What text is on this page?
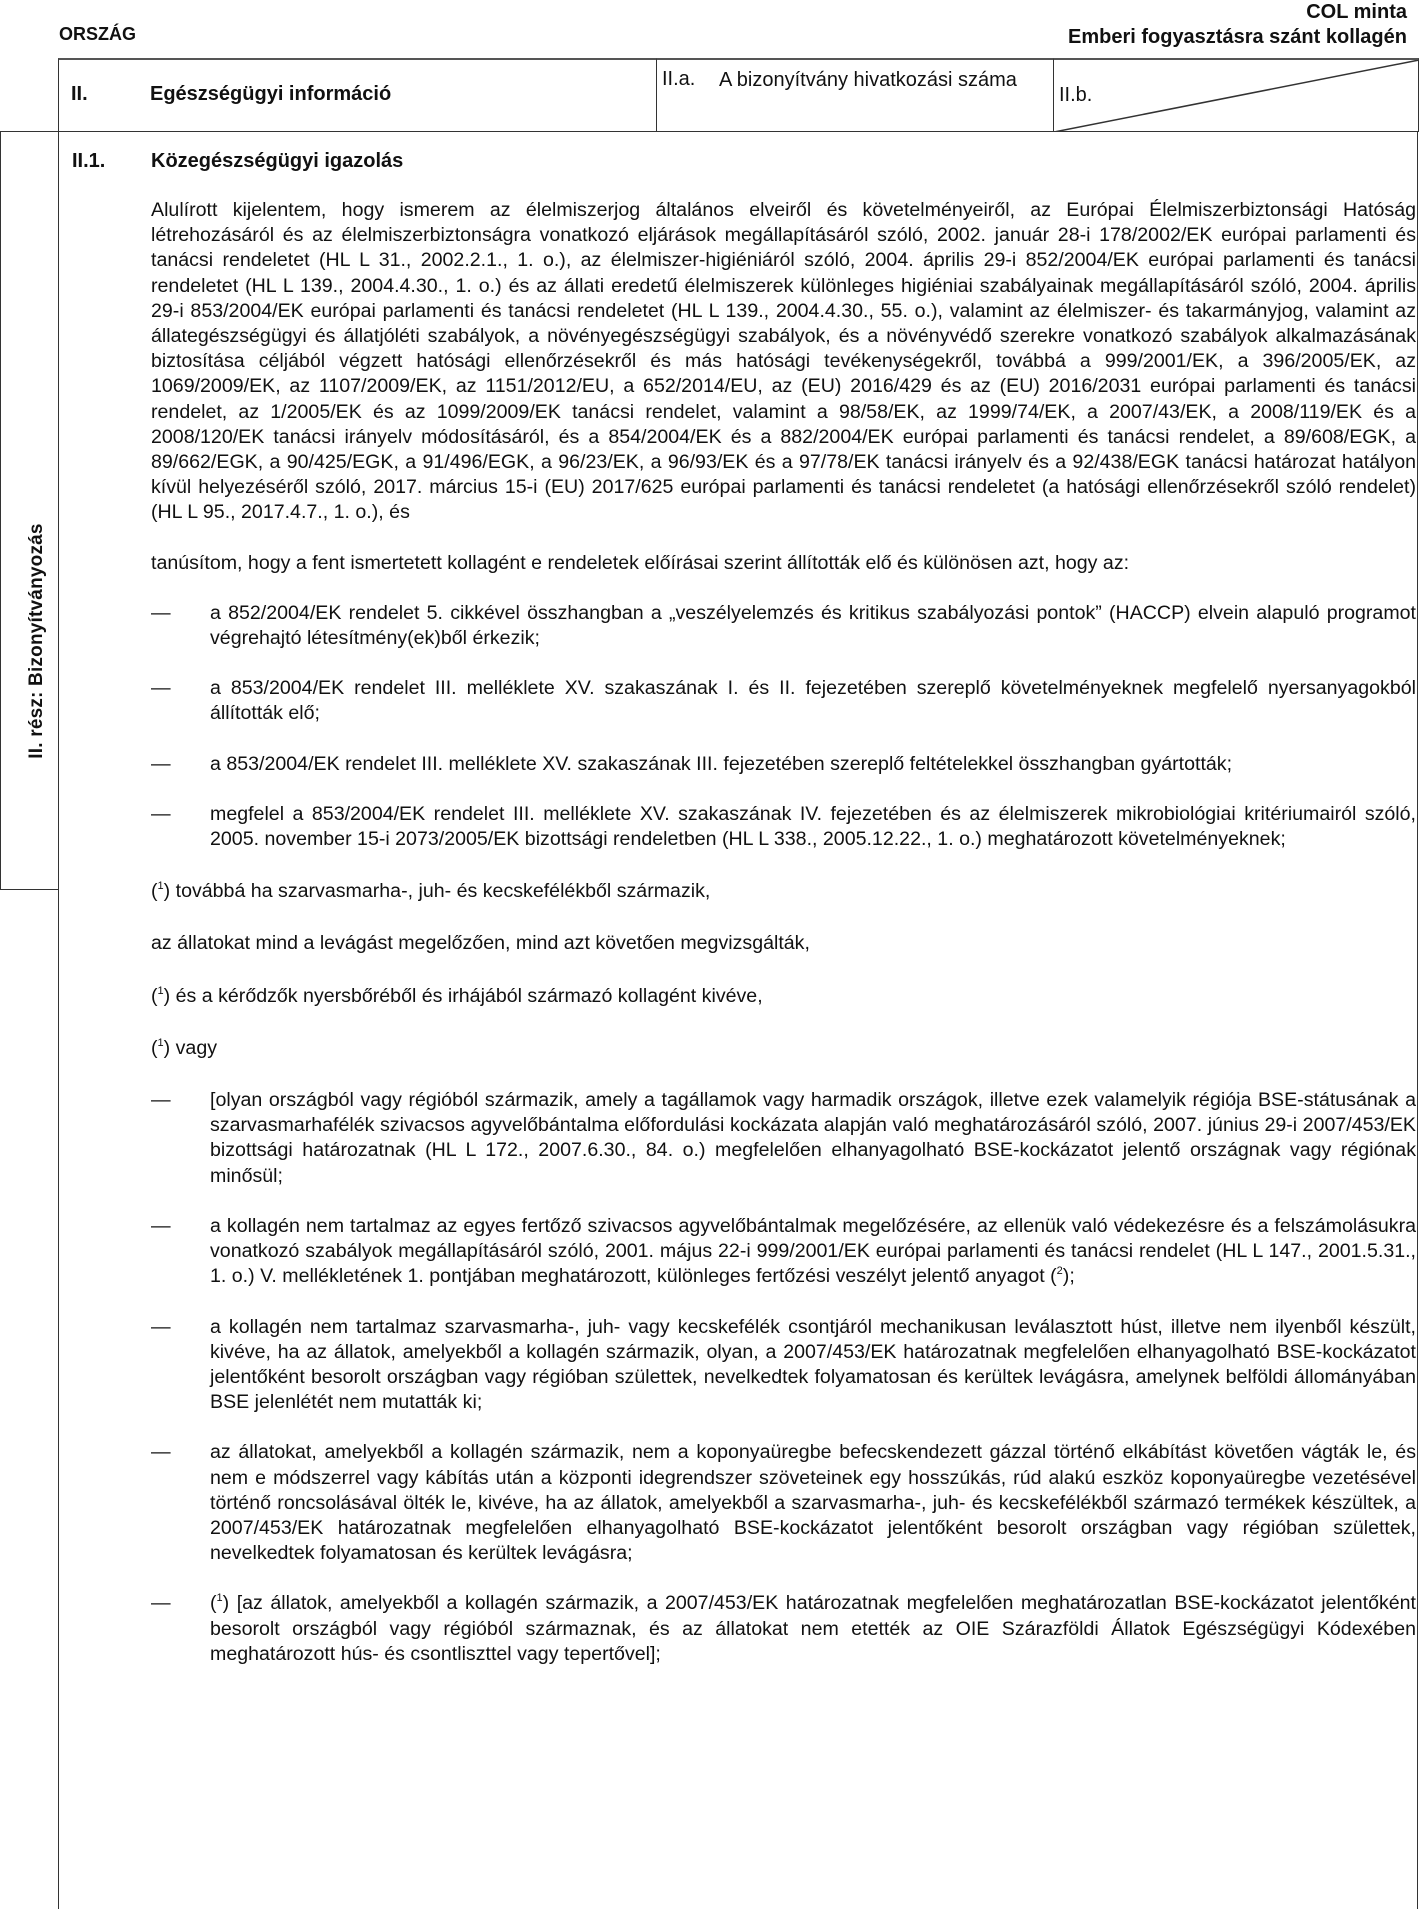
ORSZÁG
COL minta
Emberi fogyasztásra szánt kollagén
II.	Egészségügyi információ
II.a. A bizonyítvány hivatkozási száma
II.b.
II. rész: Bizonyítványozás
II.1. Közegészségügyi igazolás

Alulírott kijelentem, hogy ismerem az élelmiszerjog általános elveiről és követelményeiről, az Európai Élelmiszerbiztonsági Hatóság létrehozásáról és az élelmiszerbiztonságra vonatkozó eljárások megállapításáról szóló, 2002. január 28-i 178/2002/EK európai parlamenti és tanácsi rendeletet (HL L 31., 2002.2.1., 1. o.), az élelmiszer-higiéniáról szóló, 2004. április 29-i 852/2004/EK európai parlamenti és tanácsi rendeletet (HL L 139., 2004.4.30., 1. o.) és az állati eredetű élelmiszerek különleges higiéniai szabályainak megállapításáról szóló, 2004. április 29-i 853/2004/EK európai parlamenti és tanácsi rendeletet (HL L 139., 2004.4.30., 55. o.), valamint az élelmiszer- és takarmányjog, valamint az állategészségügyi és állatjóléti szabályok, a növényegészségügyi szabályok, és a növényvédő szerekre vonatkozó szabályok alkalmazásának biztosítása céljából végzett hatósági ellenőrzésekről és más hatósági tevékenységekről, továbbá a 999/2001/EK, a 396/2005/EK, az 1069/2009/EK, az 1107/2009/EK, az 1151/2012/EU, a 652/2014/EU, az (EU) 2016/429 és az (EU) 2016/2031 európai parlamenti és tanácsi rendelet, az 1/2005/EK és az 1099/2009/EK tanácsi rendelet, valamint a 98/58/EK, az 1999/74/EK, a 2007/43/EK, a 2008/119/EK és a 2008/120/EK tanácsi irányelv módosításáról, és a 854/2004/EK és a 882/2004/EK európai parlamenti és tanácsi rendelet, a 89/608/EGK, a 89/662/EGK, a 90/425/EGK, a 91/496/EGK, a 96/23/EK, a 96/93/EK és a 97/78/EK tanácsi irányelv és a 92/438/EGK tanácsi határozat hatályon kívül helyezéséről szóló, 2017. március 15-i (EU) 2017/625 európai parlamenti és tanácsi rendeletet (a hatósági ellenőrzésekről szóló rendelet) (HL L 95., 2017.4.7., 1. o.), és

tanúsítom, hogy a fent ismertetett kollagént e rendeletek előírásai szerint állították elő és különösen azt, hogy az:

— a 852/2004/EK rendelet 5. cikkével összhangban a „veszélyelemzés és kritikus szabályozási pontok” (HACCP) elvein alapuló programot végrehajtó létesítmény(ek)ből érkezik;
— a 853/2004/EK rendelet III. melléklete XV. szakaszának I. és II. fejezetében szereplő követelményeknek megfelelő nyersanyagokból állították elő;
— a 853/2004/EK rendelet III. melléklete XV. szakaszának III. fejezetében szereplő feltételekkel összhangban gyártották;
— megfelel a 853/2004/EK rendelet III. melléklete XV. szakaszának IV. fejezetében és az élelmiszerek mikrobiológiai kritériumairól szóló, 2005. november 15-i 2073/2005/EK bizottsági rendeletben (HL L 338., 2005.12.22., 1. o.) meghatározott követelményeknek;

($^1$) továbbá ha szarvasmarha-, juh- és kecskefélékből származik,

az állatokat mind a levágást megelőzően, mind azt követően megvizsgálták,

($^1$) és a kérődzők nyersbőréből és irhájából származó kollagént kivéve,

($^1$) vagy

— [olyan országból vagy régióból származik, amely a tagállamok vagy harmadik országok, illetve ezek valamelyik régiója BSE-státusának a szarvasmarhafélék szivacsos agyvelőbántalma előfordulási kockázata alapján való meghatározásáról szóló, 2007. június 29-i 2007/453/EK bizottsági határozatnak (HL L 172., 2007.6.30., 84. o.) megfelelően elhanyagolható BSE-kockázatot jelentő országnak vagy régiónak minősül;
— a kollagén nem tartalmaz az egyes fertőző szivacsos agyvelőbántalmak megelőzésére, az ellenük való védekezésre és a felszámolásukra vonatkozó szabályok megállapításáról szóló, 2001. május 22-i 999/2001/EK európai parlamenti és tanácsi rendelet (HL L 147., 2001.5.31., 1. o.) V. mellékletének 1. pontjában meghatározott, különleges fertőzési veszélyt jelentő anyagot ($^2$);
— a kollagén nem tartalmaz szarvasmarha-, juh- vagy kecskefélék csontjáról mechanikusan leválasztott húst, illetve nem ilyenből készült, kivéve, ha az állatok, amelyekből a kollagén származik, olyan, a 2007/453/EK határozatnak megfelelően elhanyagolható BSE-kockázatot jelentőként besorolt országban vagy régióban születtek, nevelkedtek folyamatosan és kerültek levágásra, amelynek belföldi állományában BSE jelenlétét nem mutatták ki;
— az állatokat, amelyekből a kollagén származik, nem a koponyaüregbe befecskendezett gázzal történő elkábítást követően vágták le, és nem e módszerrel vagy kábítás után a központi idegrendszer szöveteinek egy hosszúkás, rúd alakú eszköz koponyaüregbe vezetésével történő roncsolásával ölték le, kivéve, ha az állatok, amelyekből a szarvasmarha-, juh- és kecskefélékből származó termékek készültek, a 2007/453/EK határozatnak megfelelően elhanyagolható BSE-kockázatot jelentőként besorolt országban vagy régióban születtek, nevelkedtek folyamatosan és kerültek levágásra;
— ($^1$) [az állatok, amelyekből a kollagén származik, a 2007/453/EK határozatnak megfelelően meghatározatlan BSE-kockázatot jelentőként besorolt országból vagy régióból származnak, és az állatokat nem etették az OIE Szárazföldi Állatok Egészségügyi Kódexében meghatározott hús- és csontliszttel vagy tepertővel];
